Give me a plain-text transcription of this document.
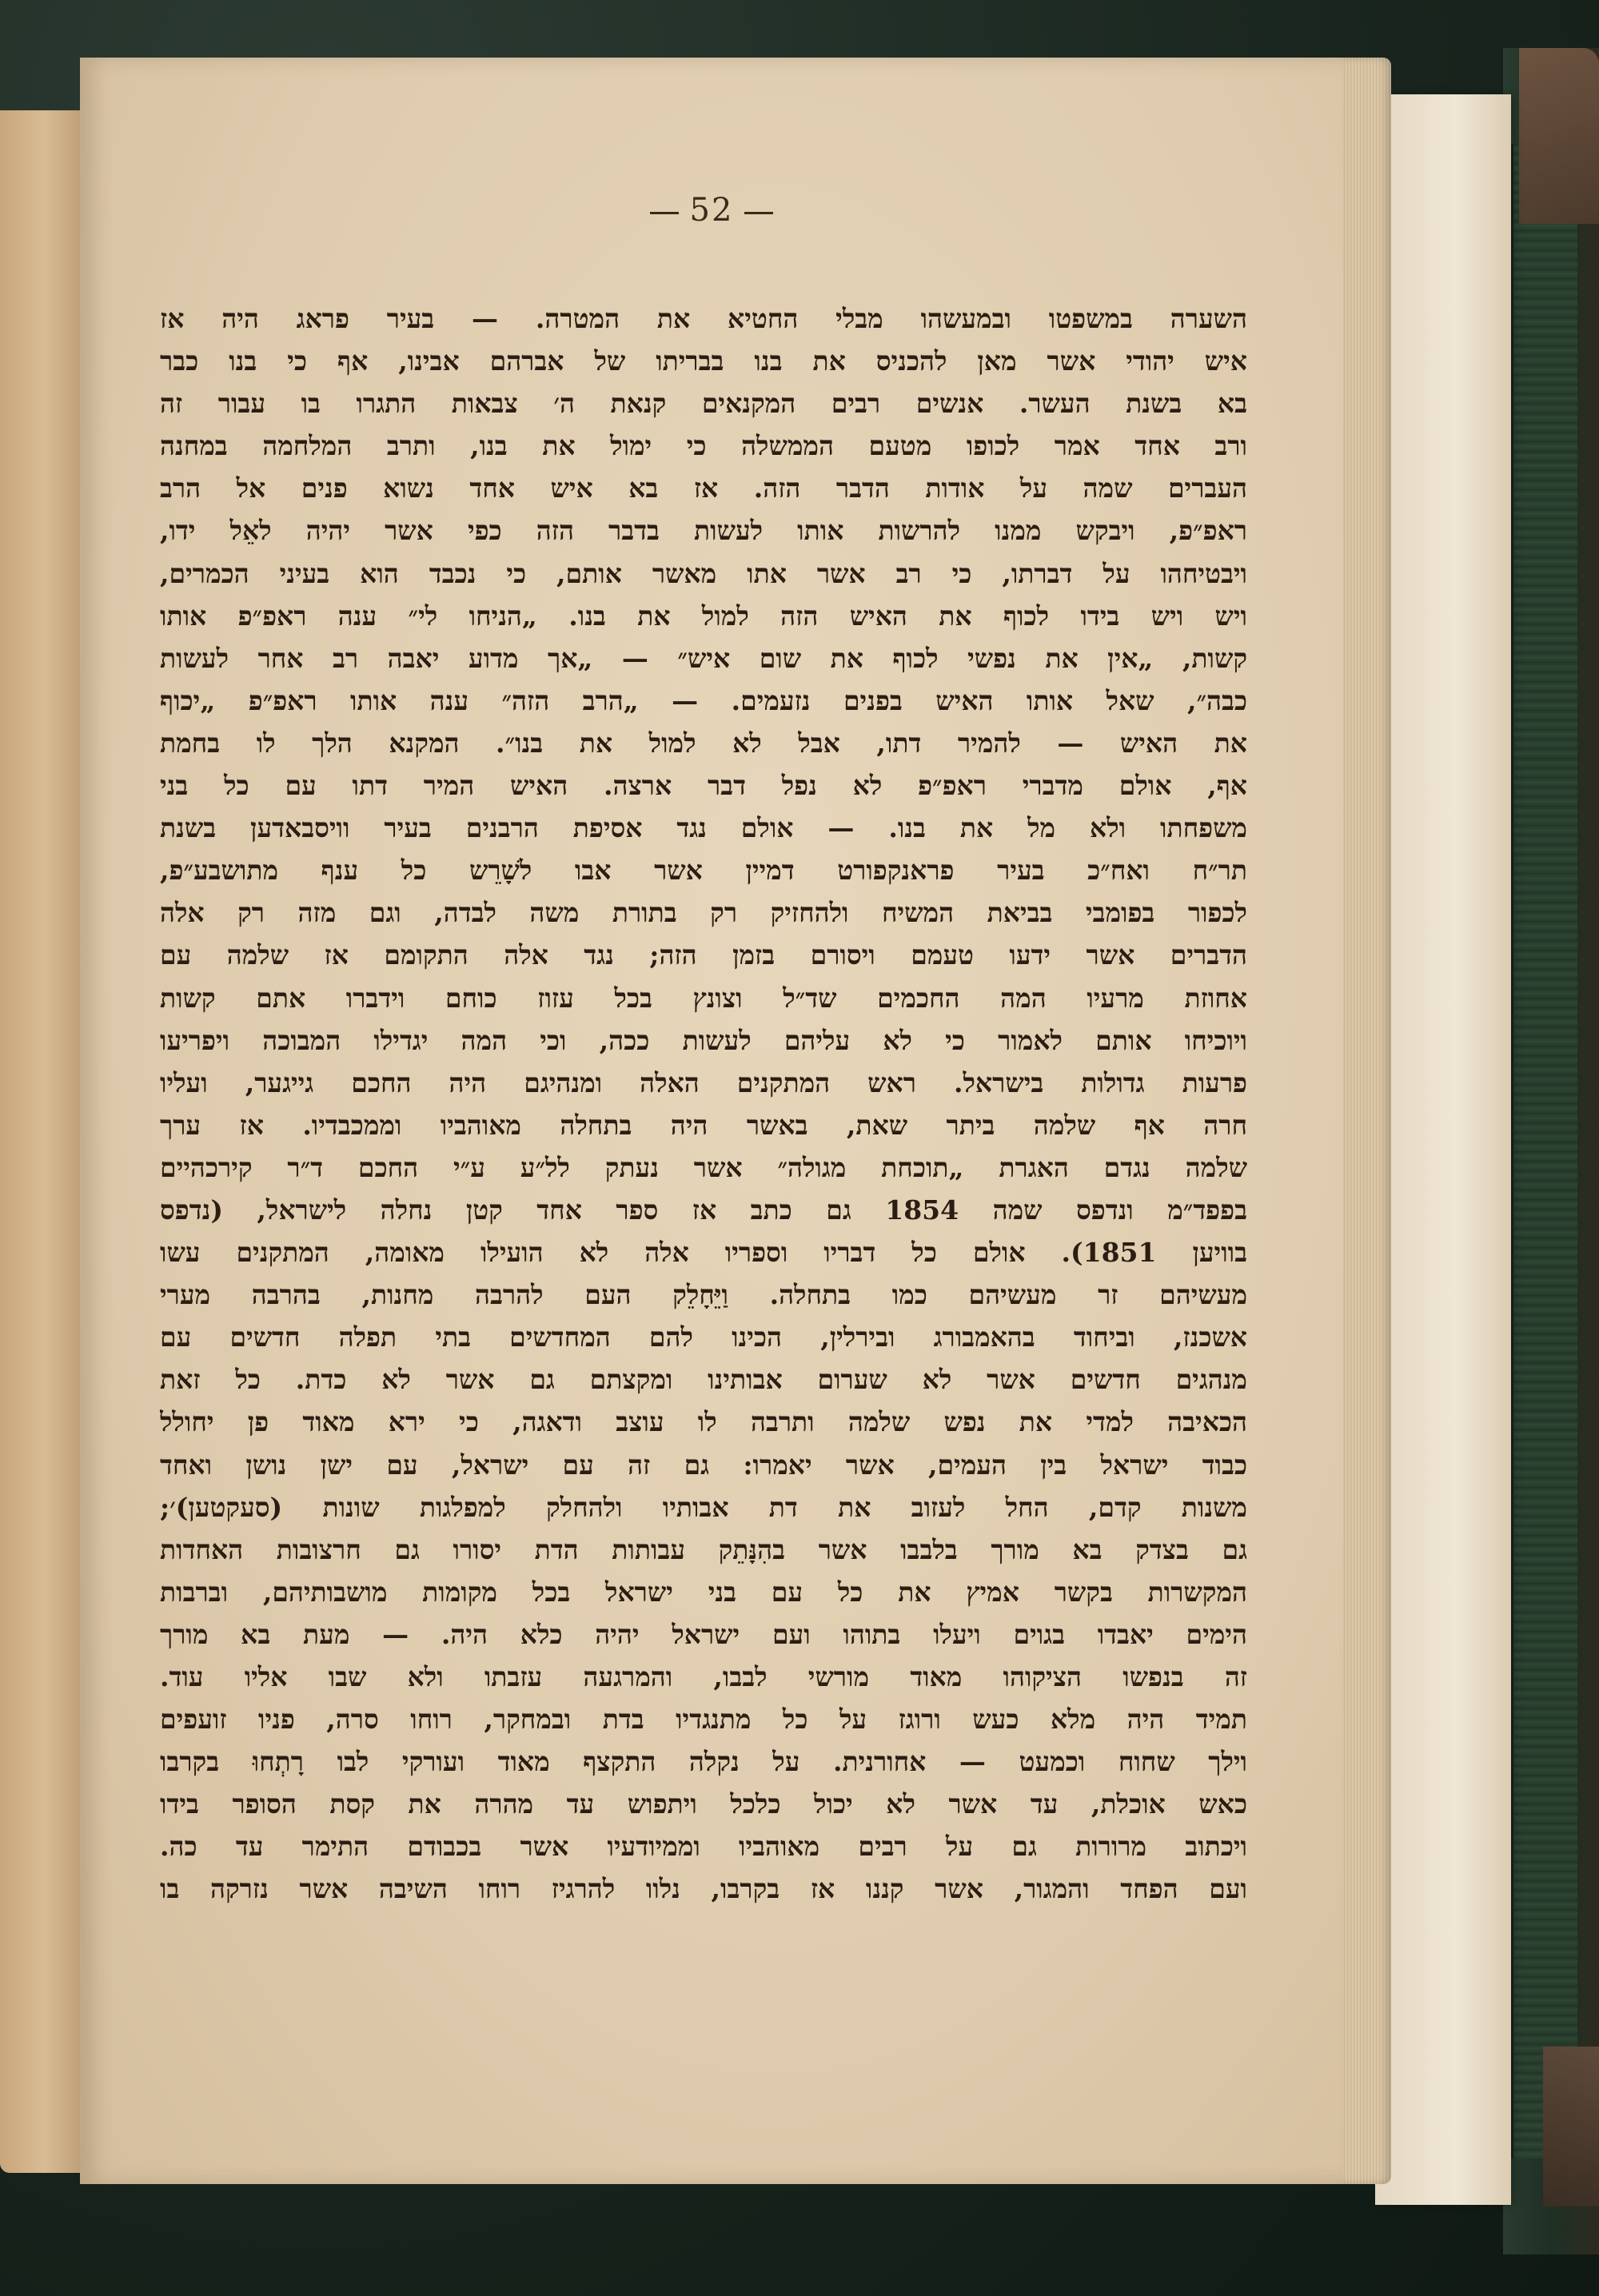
52
השערה במשפטו ובמעשהו מבלי החטיא את המטרה. — בעיר פראג היה אז
איש יהודי אשר מאן להכניס את בנו בבריתו של אברהם אבינו, אף כי בנו כבר
בא בשנת העשר. אנשים רבים המקנאים קנאת ה׳ צבאות התגרו בו עבור זה
ורב אחד אמר לכופו מטעם הממשלה כי ימול את בנו, ותרב המלחמה במחנה
העברים שמה על אודות הדבר הזה. אז בא איש אחד נשוא פנים אל הרב
ראפ״פ, ויבקש ממנו להרשות אותו לעשות בדבר הזה כפי אשר יהיה לאֵל ידו,
ויבטיחהו על דברתו, כי רב אשר אתו מאשר אותם, כי נכבד הוא בעיני הכמרים,
ויש ויש בידו לכוף את האיש הזה למול את בנו. „הניחו לי״ ענה ראפ״פ אותו
קשות, „אין את נפשי לכוף את שום איש״ — „אך מדוע יאבה רב אחר לעשות
כבה״, שאל אותו האיש בפנים נזעמים. — „הרב הזה״ ענה אותו ראפ״פ „יכוף
את האיש — להמיר דתו, אבל לא למול את בנו״. המקנא הלך לו בחמת
אף, אולם מדברי ראפ״פ לא נפל דבר ארצה. האיש המיר דתו עם כל בני
משפחתו ולא מל את בנו. — אולם נגד אסיפת הרבנים בעיר וויסבאדען בשנת
תר״ח ואח״כ בעיר פראנקפורט דמיין אשר אבו לשָׁרֵש כל ענף מתושבע״פ,
לכפור בפומבי בביאת המשיח ולהחזיק רק בתורת משה לבדה, וגם מזה רק אלה
הדברים אשר ידעו טעמם ויסורם בזמן הזה; נגד אלה התקומם אז שלמה עם
אחוזת מרעיו המה החכמים שד״ל וצונץ בכל עזוז כוחם וידברו אתם קשות
ויוכיחו אותם לאמור כי לא עליהם לעשות ככה, וכי המה יגדילו המבוכה ויפריעו
פרעות גדולות בישראל. ראש המתקנים האלה ומנהיגם היה החכם גייגער, ועליו
חרה אף שלמה ביתר שאת, באשר היה בתחלה מאוהביו וממכבדיו. אז ערך
שלמה נגדם האגרת „תוכחת מגולה״ אשר נעתק לל״ע ע״י החכם ד״ר קירכהיים
בפפד״מ ונדפס שמה 1854 גם כתב אז ספר אחד קטן נחלה לישראל, (נדפס
בוויען 1851). אולם כל דבריו וספריו אלה לא הועילו מאומה, המתקנים עשו
מעשיהם זר מעשיהם כמו בתחלה. וַיֵּחָלֵק העם להרבה מחנות, בהרבה מערי
אשכנז, וביחוד בהאמבורג ובירלין, הכינו להם המחדשים בתי תפלה חדשים עם
מנהגים חדשים אשר לא שערום אבותינו ומקצתם גם אשר לא כדת. כל זאת
הכאיבה למדי את נפש שלמה ותרבה לו עוצב ודאגה, כי ירא מאוד פן יחולל
כבוד ישראל בין העמים, אשר יאמרו: גם זה עם ישראל, עם ישן נושן ואחד
משנות קדם, החל לעזוב את דת אבותיו ולהחלק למפלגות שונות (סעקטען)׳;
גם בצדק בא מורך בלבבו אשר בהִנָּתֵק עבותות הדת יסורו גם חרצובות האחדות
המקשרות בקשר אמיץ את כל עם בני ישראל בכל מקומות מושבותיהם, וברבות
הימים יאבדו בגוים ויעלו בתוהו ועם ישראל יהיה כלא היה. — מעת בא מורך
זה בנפשו הציקוהו מאוד מורשי לבבו, והמרגעה עזבתו ולא שבו אליו עוד.
תמיד היה מלא כעש ורוגז על כל מתנגדיו בדת ובמחקר, רוחו סרה, פניו זועפים
וילך שחוח וכמעט — אחורנית. על נקלה התקצף מאוד ועורקי לבו רָתְחוּ בקרבו
כאש אוכלת, עד אשר לא יכול כלכל ויתפוש עד מהרה את קסת הסופר בידו
ויכתוב מרורות גם על רבים מאוהביו וממיודעיו אשר בכבודם התימר עד כה.
ועם הפחד והמגור, אשר קננו אז בקרבו, נלוו להרגיז רוחו השיבה אשר נזרקה בו
